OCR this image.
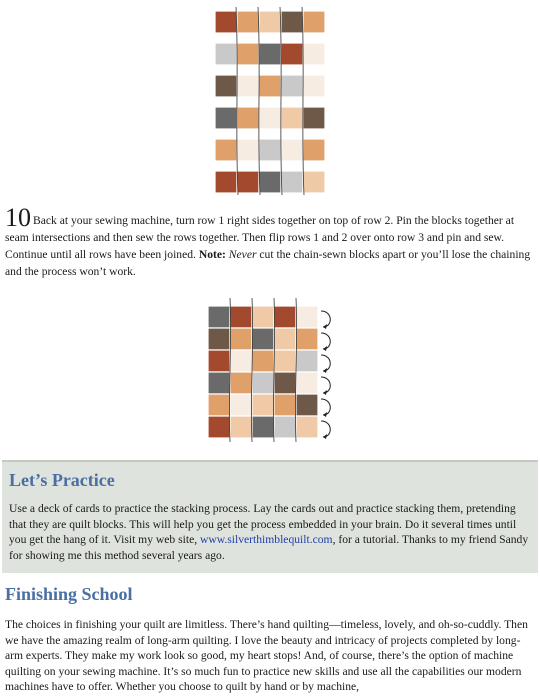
10 Back at your sewing machine, turn row 1 right sides together on top of row 2. Pin the blocks together at seam intersections and then sew the rows together. Then flip rows 1 and 2 over onto row 3 and pin and sew. Continue until all rows have been joined. Note: Never cut the chain-sewn blocks apart or you’ll lose the chaining and the process won’t work.

Let’s Practice

Use a deck of cards to practice the stacking process. Lay the cards out and practice stacking them, pretending that they are quilt blocks. This will help you get the process embedded in your brain. Do it several times until you get the hang of it. Visit my web site, www.silverthimblequilt.com, for a tutorial. Thanks to my friend Sandy for showing me this method several years ago.

Finishing School

The choices in finishing your quilt are limitless. There’s hand quilting—timeless, lovely, and oh-so-cuddly. Then we have the amazing realm of long-arm quilting. I love the beauty and intricacy of projects completed by long-arm experts. They make my work look so good, my heart stops! And, of course, there’s the option of machine quilting on your sewing machine. It’s so much fun to practice new skills and use all the capabilities our modern machines have to offer. Whether you choose to quilt by hand or by machine,
